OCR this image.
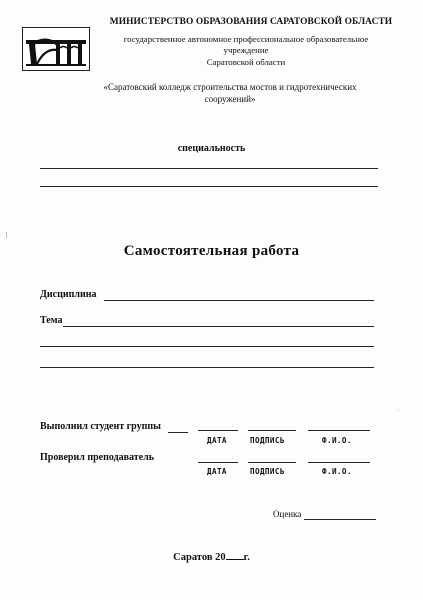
МИНИСТЕРСТВО ОБРАЗОВАНИЯ САРАТОВСКОЙ ОБЛАСТИ
государственное автономное профессиональное образовательное
учреждение
Саратовской области
«Саратовский колледж строительства мостов и гидротехнических
сооружений»
специальность
Самостоятельная работа
Дисциплина
Тема
Выполнил студент группы
ДАТА	ПОДПИСЬ	Ф.И.О.
Проверил преподаватель
ДАТА	ПОДПИСЬ	Ф.И.О.
Оценка
Саратов 20 г.
